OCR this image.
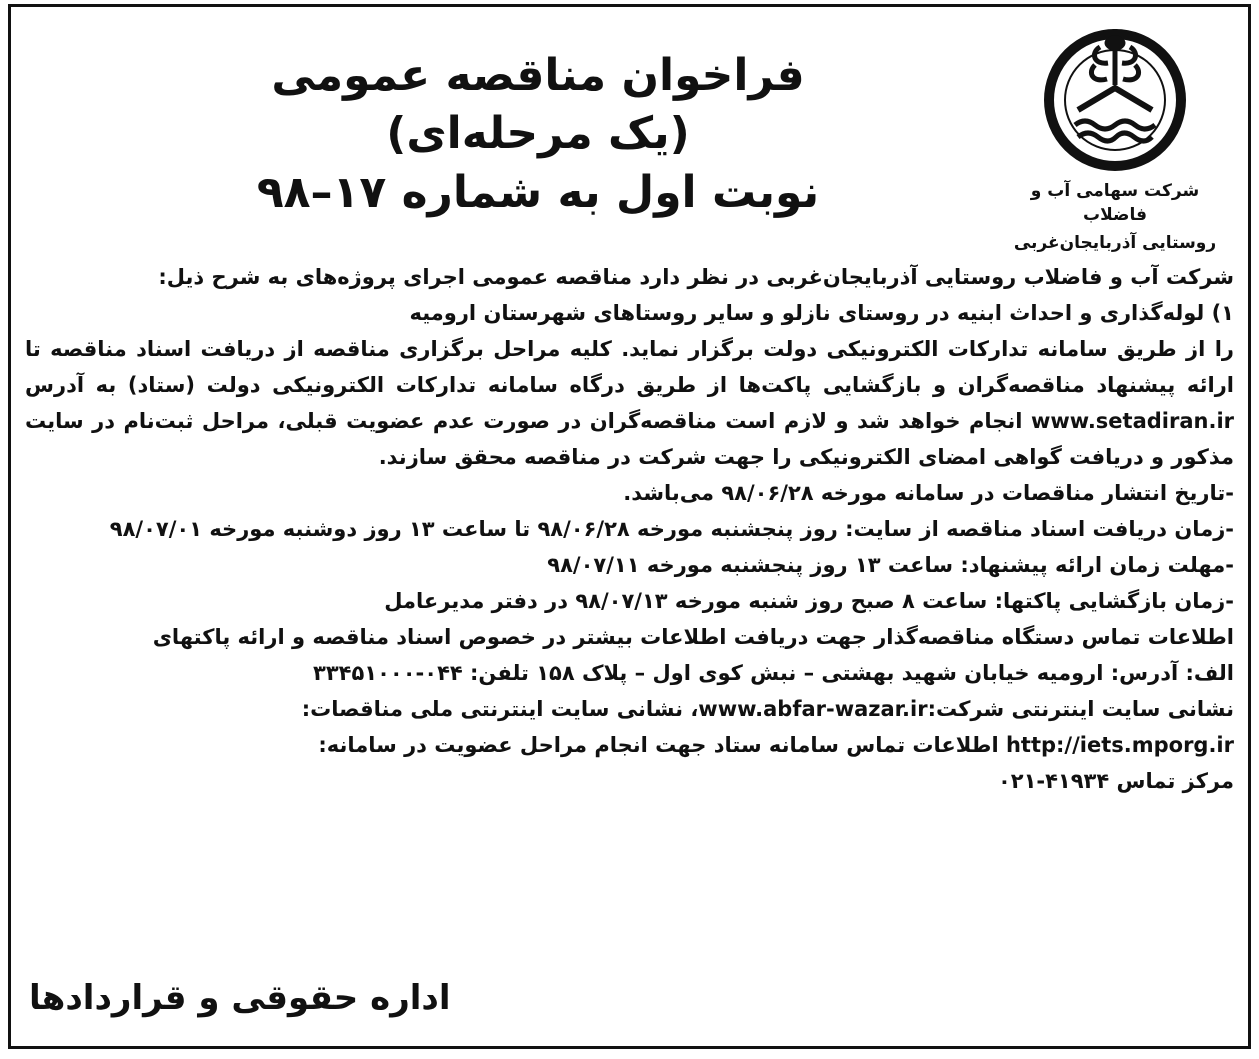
شرکت سهامی آب و فاضلاب
روستایی آذربایجان‌غربی
فراخوان مناقصه عمومی
(یک مرحله‌ای)
نوبت اول به شماره ۱۷–۹۸

شرکت آب و فاضلاب روستایی آذربایجان‌غربی در نظر دارد مناقصه عمومی اجرای پروژه‌های به شرح ذیل:

۱) لوله‌گذاری و احداث ابنیه در روستای نازلو و سایر روستاهای شهرستان ارومیه

را از طریق سامانه تدارکات الکترونیکی دولت برگزار نماید. کلیه مراحل برگزاری مناقصه از دریافت اسناد مناقصه تا ارائه پیشنهاد مناقصه‌گران و بازگشایی پاکت‌ها از طریق درگاه سامانه تدارکات الکترونیکی دولت (ستاد) به آدرس www.setadiran.ir انجام خواهد شد و لازم است مناقصه‌گران در صورت عدم عضویت قبلی، مراحل ثبت‌نام در سایت مذکور و دریافت گواهی امضای الکترونیکی را جهت شرکت در مناقصه محقق سازند.

-تاریخ انتشار مناقصات در سامانه مورخه ۹۸/۰۶/۲۸ می‌باشد.

-زمان دریافت اسناد مناقصه از سایت: روز پنجشنبه مورخه ۹۸/۰۶/۲۸ تا ساعت ۱۳ روز دوشنبه مورخه ۹۸/۰۷/۰۱

-مهلت زمان ارائه پیشنهاد: ساعت ۱۳ روز پنجشنبه مورخه ۹۸/۰۷/۱۱

-زمان بازگشایی پاکتها: ساعت ۸ صبح روز شنبه مورخه ۹۸/۰۷/۱۳ در دفتر مدیرعامل

اطلاعات تماس دستگاه مناقصه‌گذار جهت دریافت اطلاعات بیشتر در خصوص اسناد مناقصه و ارائه پاکتهای

الف: آدرس: ارومیه خیابان شهید بهشتی – نبش کوی اول – پلاک ۱۵۸ تلفن: ۰۴۴-۳۳۴۵۱۰۰۰

نشانی سایت اینترنتی شرکت:www.abfar-wazar.ir، نشانی سایت اینترنتی ملی مناقصات:

http://iets.mporg.ir اطلاعات تماس سامانه ستاد جهت انجام مراحل عضویت در سامانه:

مرکز تماس ۴۱۹۳۴-۰۲۱

اداره حقوقی و قراردادها
